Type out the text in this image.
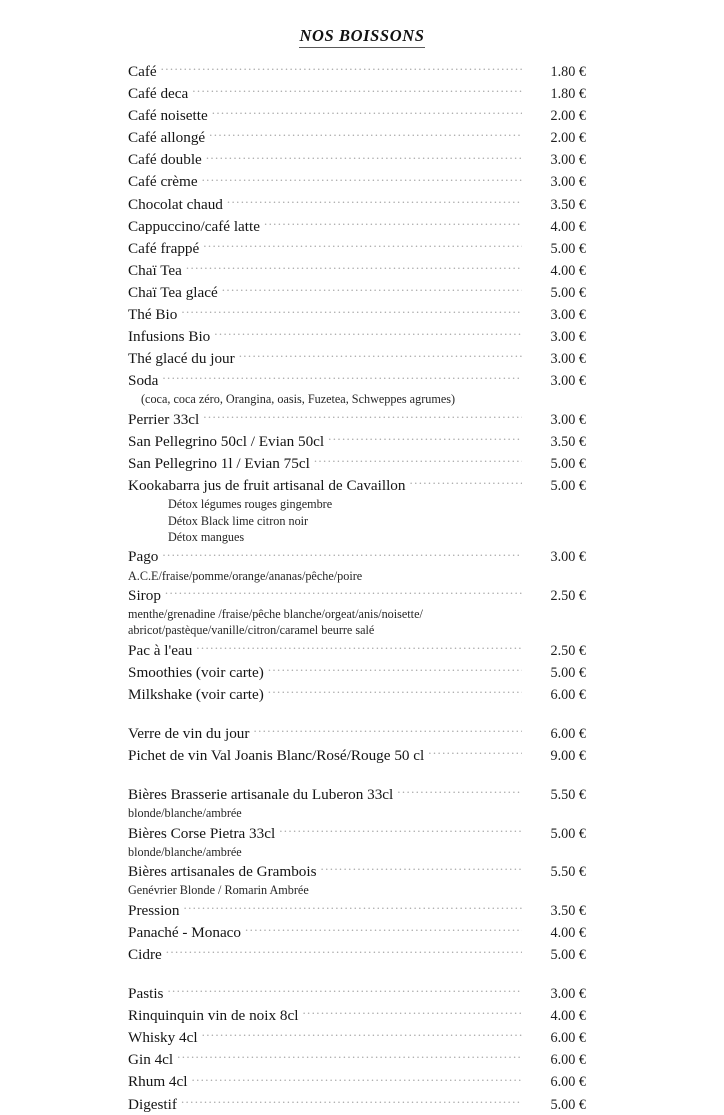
NOS BOISSONS
Café .....	1.80 €
Café deca .....	1.80 €
Café noisette .....	2.00 €
Café allongé .....	2.00 €
Café double .....	3.00 €
Café crème .....	3.00 €
Chocolat chaud .....	3.50 €
Cappuccino/café latte .....	4.00 €
Café frappé .....	5.00 €
Chaï Tea .....	4.00 €
Chaï Tea glacé .....	5.00 €
Thé Bio .....	3.00 €
Infusions Bio .....	3.00 €
Thé glacé du jour .....	3.00 €
Soda .....	3.00 €
(coca, coca zéro, Orangina, oasis, Fuzetea, Schweppes agrumes)
Perrier 33cl .....	3.00 €
San Pellegrino 50cl / Evian 50cl .....	3.50 €
San Pellegrino 1l / Evian 75cl .....	5.00 €
Kookabarra jus de fruit artisanal de Cavaillon .....	5.00 €
Détox légumes rouges gingembre
Détox Black lime citron noir
Détox mangues
Pago .....	3.00 €
A.C.E/fraise/pomme/orange/ananas/pêche/poire
Sirop .....	2.50 €
menthe/grenadine /fraise/pêche blanche/orgeat/anis/noisette/
abricot/pastèque/vanille/citron/caramel beurre salé
Pac à l'eau .....	2.50 €
Smoothies (voir carte) .....	5.00 €
Milkshake (voir carte) .....	6.00 €
Verre de vin du jour .....	6.00 €
Pichet de vin Val Joanis Blanc/Rosé/Rouge 50 cl .....	9.00 €
Bières Brasserie artisanale du Luberon 33cl .....	5.50 €
blonde/blanche/ambrée
Bières Corse Pietra 33cl .....	5.00 €
blonde/blanche/ambrée
Bières artisanales de Grambois .....	5.50 €
Genévrier Blonde / Romarin Ambrée
Pression .....	3.50 €
Panaché - Monaco .....	4.00 €
Cidre .....	5.00 €
Pastis .....	3.00 €
Rinquinquin vin de noix 8cl .....	4.00 €
Whisky 4cl .....	6.00 €
Gin 4cl .....	6.00 €
Rhum 4cl .....	6.00 €
Digestif .....	5.00 €
